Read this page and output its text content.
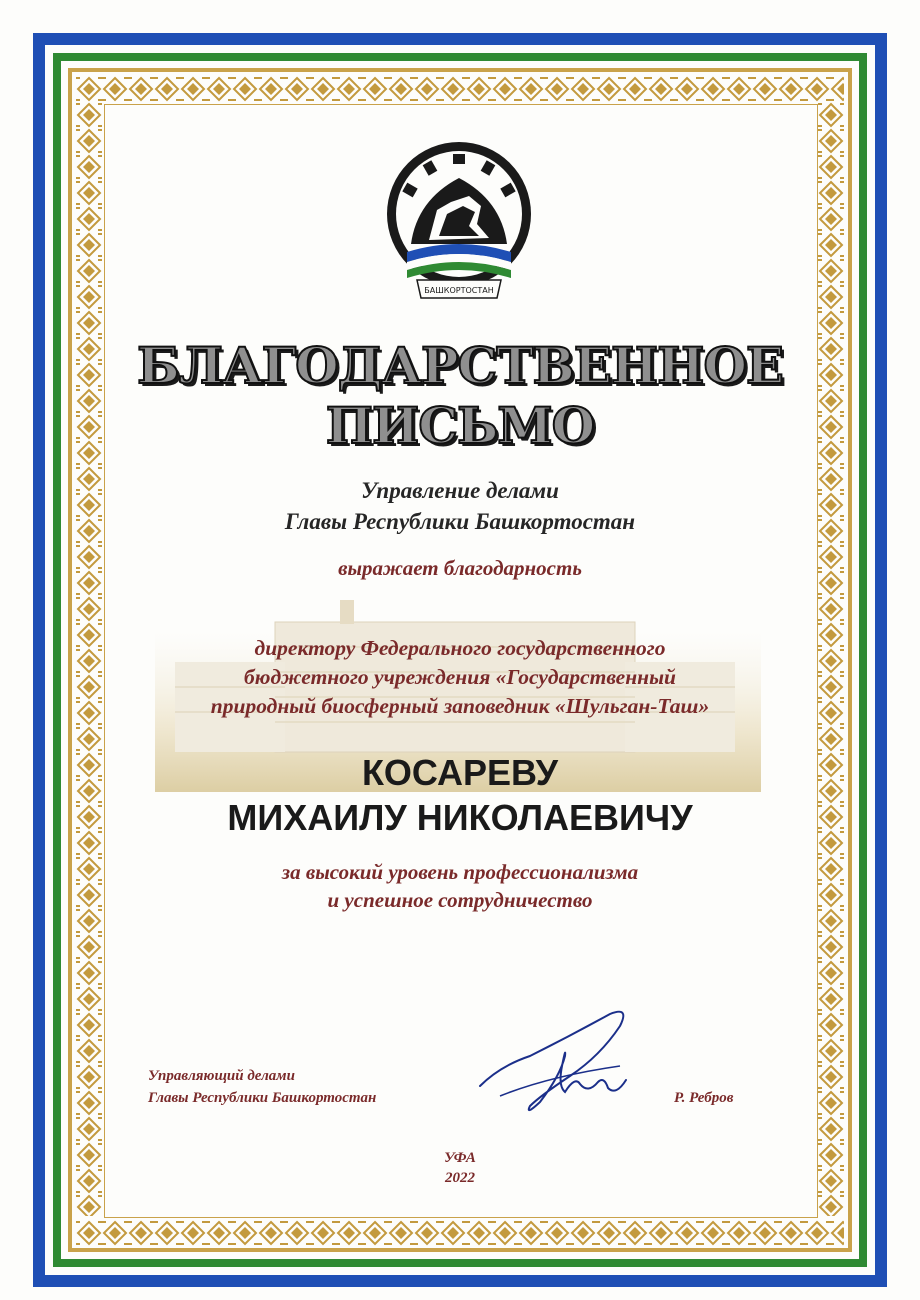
БАШКОРТОСТАН
БЛАГОДАРСТВЕННОЕ
ПИСЬМО

Управление делами

Главы Республики Башкортостан

выражает благодарность

директору Федерального государственного

бюджетного учреждения «Государственный

природный биосферный заповедник «Шульган-Таш»

КОСАРЕВУ

МИХАИЛУ НИКОЛАЕВИЧУ

за высокий уровень профессионализма

и успешное сотрудничество

Управляющий делами

Главы Республики Башкортостан	Р. Ребров

УФА

2022
